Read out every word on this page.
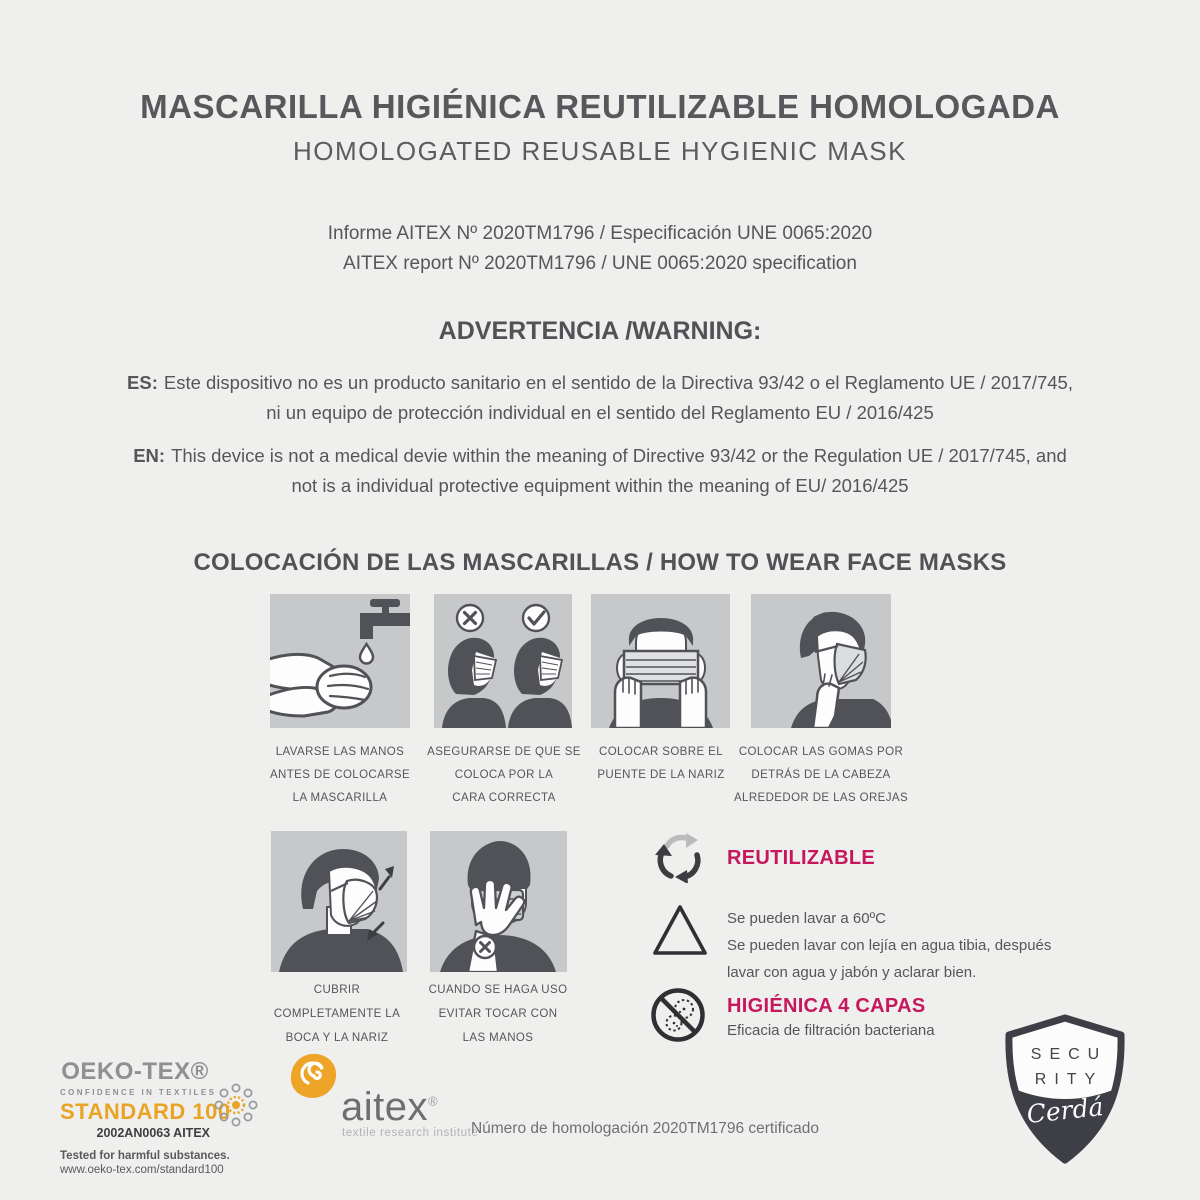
MASCARILLA HIGIÉNICA REUTILIZABLE HOMOLOGADA
HOMOLOGATED REUSABLE HYGIENIC MASK
Informe AITEX Nº 2020TM1796 / Especificación UNE 0065:2020
AITEX report Nº 2020TM1796 / UNE 0065:2020 specification
ADVERTENCIA /WARNING:
ES: Este dispositivo no es un producto sanitario en el sentido de la Directiva 93/42 o el Reglamento UE / 2017/745,
ni un equipo de protección individual en el sentido del Reglamento EU / 2016/425
EN: This device is not a medical devie within the meaning of Directive 93/42 or the Regulation UE / 2017/745, and
not is a individual protective equipment within the meaning of EU/ 2016/425
COLOCACIÓN DE LAS MASCARILLAS / HOW TO WEAR FACE MASKS
LAVARSE LAS MANOS
ANTES DE COLOCARSE
LA MASCARILLA
ASEGURARSE DE QUE SE
COLOCA POR LA
CARA CORRECTA
COLOCAR SOBRE EL
PUENTE DE LA NARIZ
COLOCAR LAS GOMAS POR
DETRÁS DE LA CABEZA
ALREDEDOR DE LAS OREJAS
CUBRIR
COMPLETAMENTE LA
BOCA Y LA NARIZ
CUANDO SE HAGA USO
EVITAR TOCAR CON
LAS MANOS
REUTILIZABLE
Se pueden lavar a 60ºC
Se pueden lavar con lejía en agua tibia, después
lavar con agua y jabón y aclarar bien.
HIGIÉNICA 4 CAPAS
Eficacia de filtración bacteriana
OEKO-TEX®
CONFIDENCE IN TEXTILES
STANDARD 100
2002AN0063 AITEX
Tested for harmful substances.
www.oeko-tex.com/standard100
aitex®
textile research institute
Número de homologación 2020TM1796 certificado
SECU
RITY
Cerdá
